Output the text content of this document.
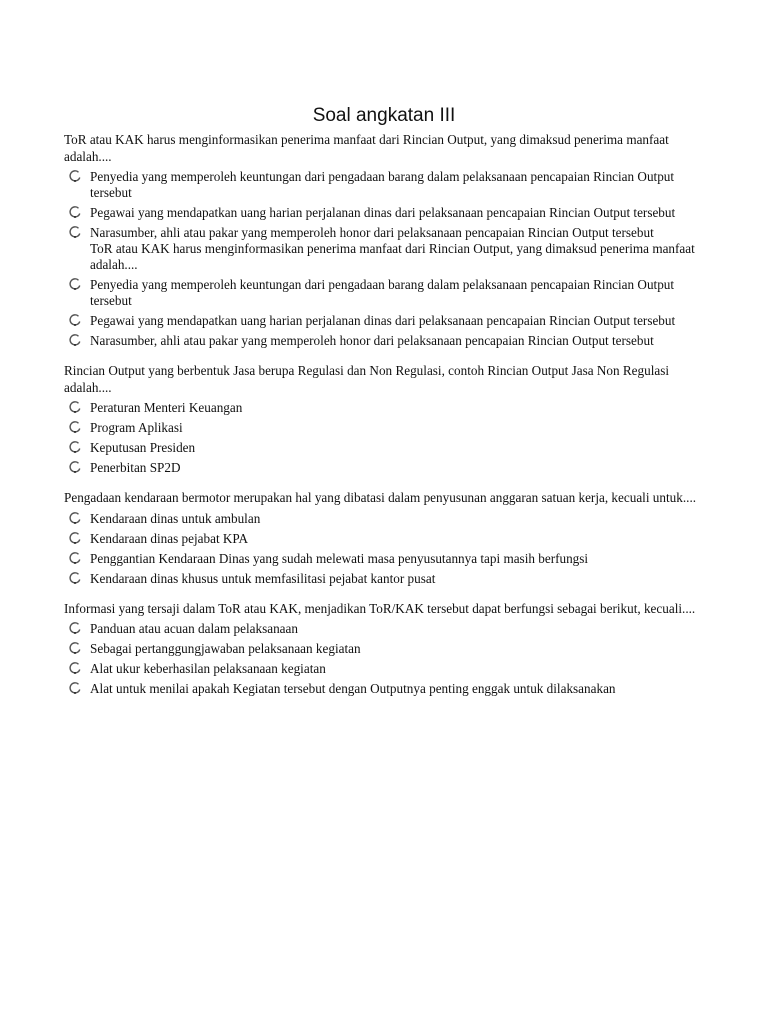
Soal angkatan III

ToR atau KAK harus menginformasikan penerima manfaat dari Rincian Output, yang dimaksud penerima manfaat adalah....

Penyedia yang memperoleh keuntungan dari pengadaan barang dalam pelaksanaan pencapaian Rincian Output tersebut
Pegawai yang mendapatkan uang harian perjalanan dinas dari pelaksanaan pencapaian Rincian Output tersebut
Narasumber, ahli atau pakar yang memperoleh honor dari pelaksanaan pencapaian Rincian Output tersebut

ToR atau KAK harus menginformasikan penerima manfaat dari Rincian Output, yang dimaksud penerima manfaat adalah....

Penyedia yang memperoleh keuntungan dari pengadaan barang dalam pelaksanaan pencapaian Rincian Output tersebut
Pegawai yang mendapatkan uang harian perjalanan dinas dari pelaksanaan pencapaian Rincian Output tersebut
Narasumber, ahli atau pakar yang memperoleh honor dari pelaksanaan pencapaian Rincian Output tersebut

Rincian Output yang berbentuk Jasa berupa Regulasi dan Non Regulasi, contoh Rincian Output Jasa Non Regulasi adalah....

Peraturan Menteri Keuangan
Program Aplikasi
Keputusan Presiden
Penerbitan SP2D

Pengadaan kendaraan bermotor merupakan hal yang dibatasi dalam penyusunan anggaran satuan kerja, kecuali untuk....

Kendaraan dinas untuk ambulan
Kendaraan dinas pejabat KPA
Penggantian Kendaraan Dinas yang sudah melewati masa penyusutannya tapi masih berfungsi
Kendaraan dinas khusus untuk memfasilitasi pejabat kantor pusat

Informasi yang tersaji dalam ToR atau KAK, menjadikan ToR/KAK tersebut dapat berfungsi sebagai berikut, kecuali....

Panduan atau acuan dalam pelaksanaan
Sebagai pertanggungjawaban pelaksanaan kegiatan
Alat ukur keberhasilan pelaksanaan kegiatan
Alat untuk menilai apakah Kegiatan tersebut dengan Outputnya penting enggak untuk dilaksanakan
